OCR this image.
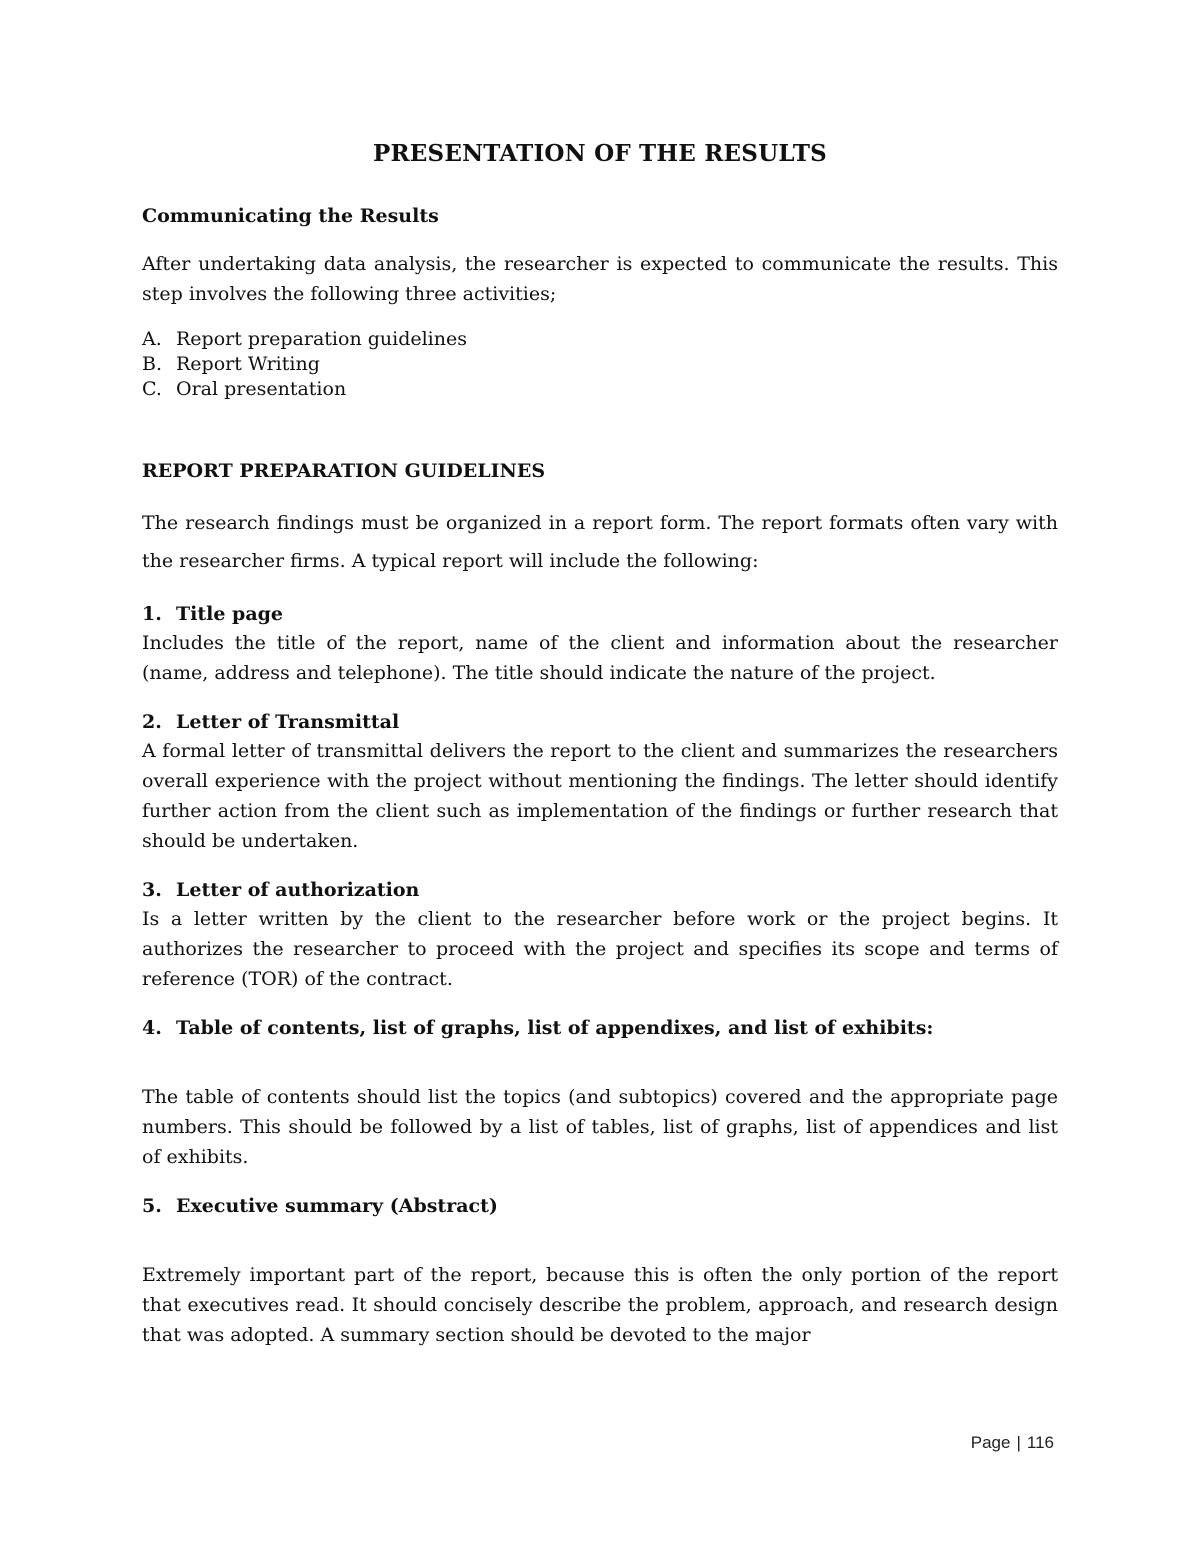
PRESENTATION OF THE RESULTS
Communicating the Results

After undertaking data analysis, the researcher is expected to communicate the results. This step involves the following three activities;

A. Report preparation guidelines
B. Report Writing
C. Oral presentation
REPORT PREPARATION GUIDELINES

The research findings must be organized in a report form. The report formats often vary with the researcher firms. A typical report will include the following:

1. Title page

Includes the title of the report, name of the client and information about the researcher (name, address and telephone). The title should indicate the nature of the project.

2. Letter of Transmittal

A formal letter of transmittal delivers the report to the client and summarizes the researchers overall experience with the project without mentioning the findings. The letter should identify further action from the client such as implementation of the findings or further research that should be undertaken.

3. Letter of authorization

Is a letter written by the client to the researcher before work or the project begins. It authorizes the researcher to proceed with the project and specifies its scope and terms of reference (TOR) of the contract.

4. Table of contents, list of graphs, list of appendixes, and list of exhibits:

The table of contents should list the topics (and subtopics) covered and the appropriate page numbers. This should be followed by a list of tables, list of graphs, list of appendices and list of exhibits.

5. Executive summary (Abstract)

Extremely important part of the report, because this is often the only portion of the report that executives read. It should concisely describe the problem, approach, and research design that was adopted. A summary section should be devoted to the major

Page | 116
